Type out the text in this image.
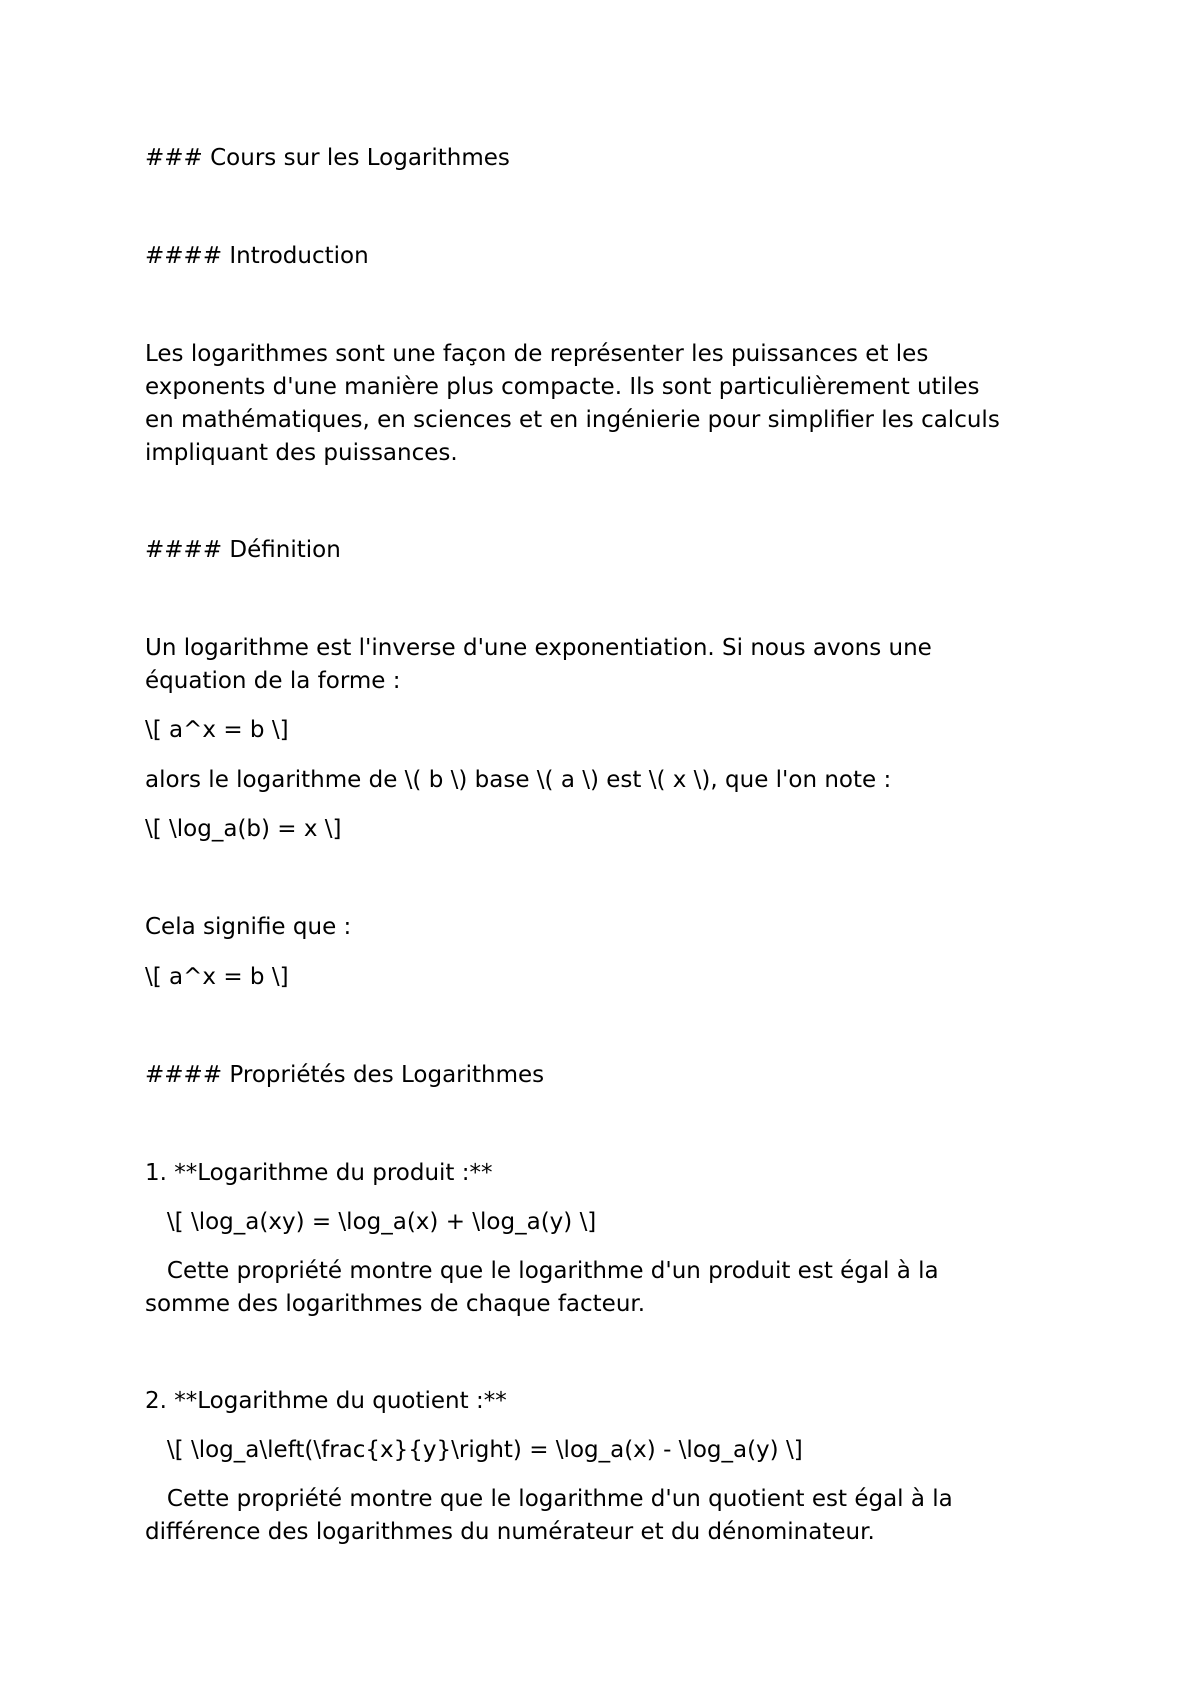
### Cours sur les Logarithmes

#### Introduction

Les logarithmes sont une façon de représenter les puissances et les

exponents d'une manière plus compacte. Ils sont particulièrement utiles

en mathématiques, en sciences et en ingénierie pour simplifier les calculs

impliquant des puissances.

#### Définition

Un logarithme est l'inverse d'une exponentiation. Si nous avons une

équation de la forme :

\[ a^x = b \]

alors le logarithme de \( b \) base \( a \) est \( x \), que l'on note :

\[ \log_a(b) = x \]

Cela signifie que :

\[ a^x = b \]

#### Propriétés des Logarithmes

1. **Logarithme du produit :**

\[ \log_a(xy) = \log_a(x) + \log_a(y) \]

Cette propriété montre que le logarithme d'un produit est égal à la

somme des logarithmes de chaque facteur.

2. **Logarithme du quotient :**

\[ \log_a\left(\frac{x}{y}\right) = \log_a(x) - \log_a(y) \]

Cette propriété montre que le logarithme d'un quotient est égal à la

différence des logarithmes du numérateur et du dénominateur.
